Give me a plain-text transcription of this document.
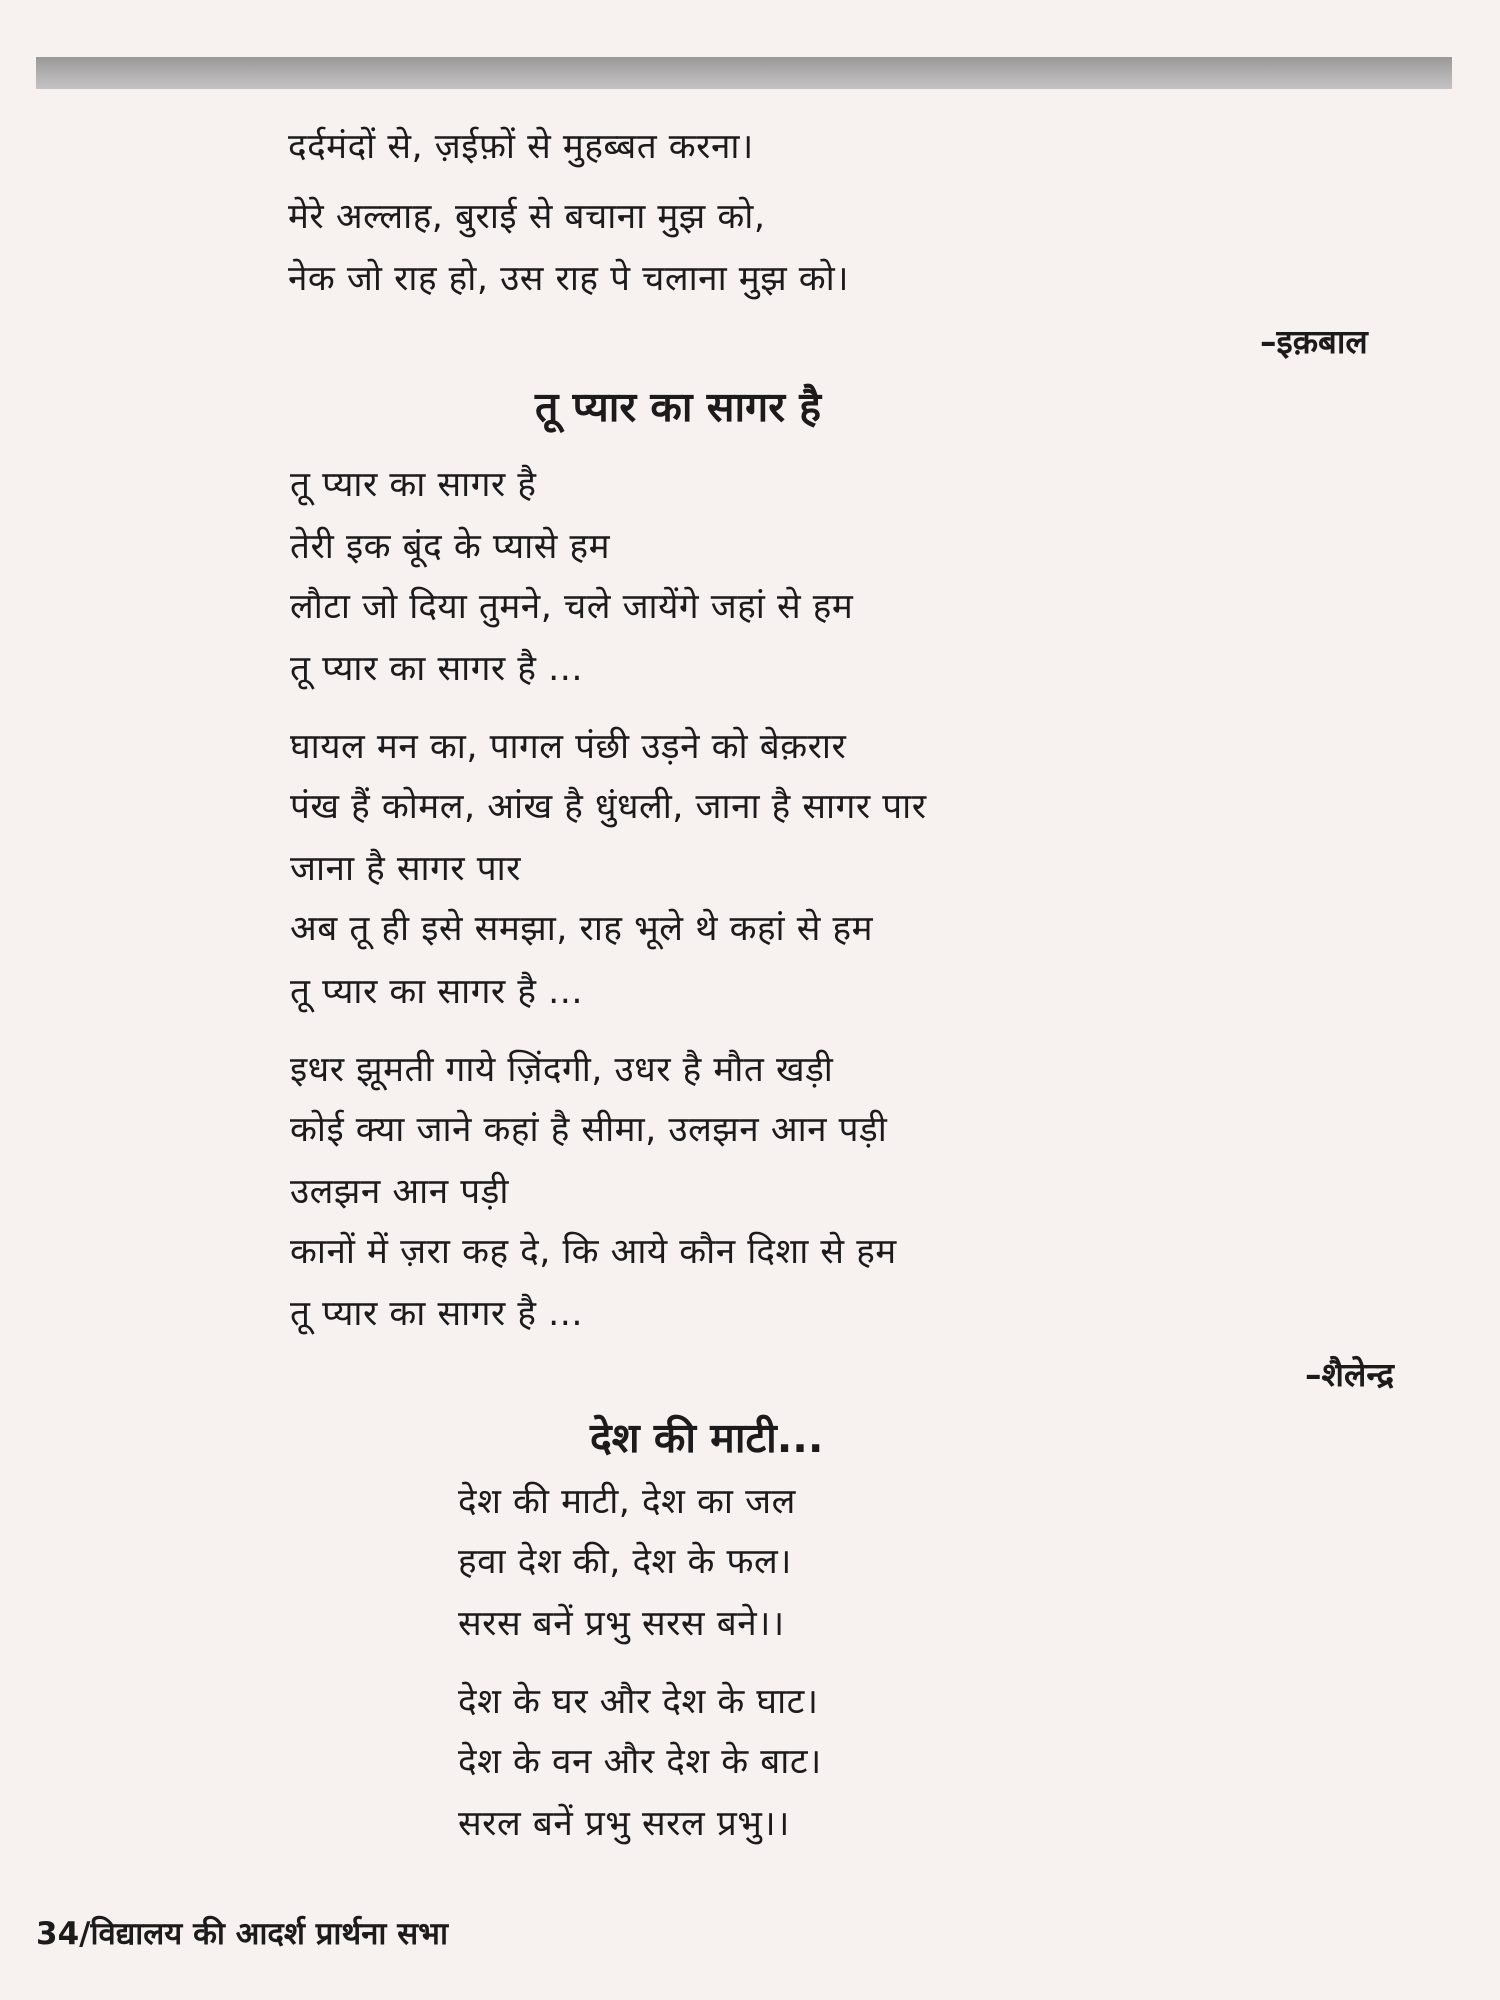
दर्दमंदों से, ज़ईफ़ों से मुहब्बत करना।
मेरे अल्लाह, बुराई से बचाना मुझ को,
नेक जो राह हो, उस राह पे चलाना मुझ को।
–इक़बाल
तू प्यार का सागर है
तू प्यार का सागर है
तेरी इक बूंद के प्यासे हम
लौटा जो दिया तुमने, चले जायेंगे जहां से हम
तू प्यार का सागर है ...
घायल मन का, पागल पंछी उड़ने को बेक़रार
पंख हैं कोमल, आंख है धुंधली, जाना है सागर पार
जाना है सागर पार
अब तू ही इसे समझा, राह भूले थे कहां से हम
तू प्यार का सागर है ...
इधर झूमती गाये ज़िंदगी, उधर है मौत खड़ी
कोई क्या जाने कहां है सीमा, उलझन आन पड़ी
उलझन आन पड़ी
कानों में ज़रा कह दे, कि आये कौन दिशा से हम
तू प्यार का सागर है ...
–शैलेन्द्र
देश की माटी...
देश की माटी, देश का जल
हवा देश की, देश के फल।
सरस बनें प्रभु सरस बने।।
देश के घर और देश के घाट।
देश के वन और देश के बाट।
सरल बनें प्रभु सरल प्रभु।।
34/विद्यालय की आदर्श प्रार्थना सभा
